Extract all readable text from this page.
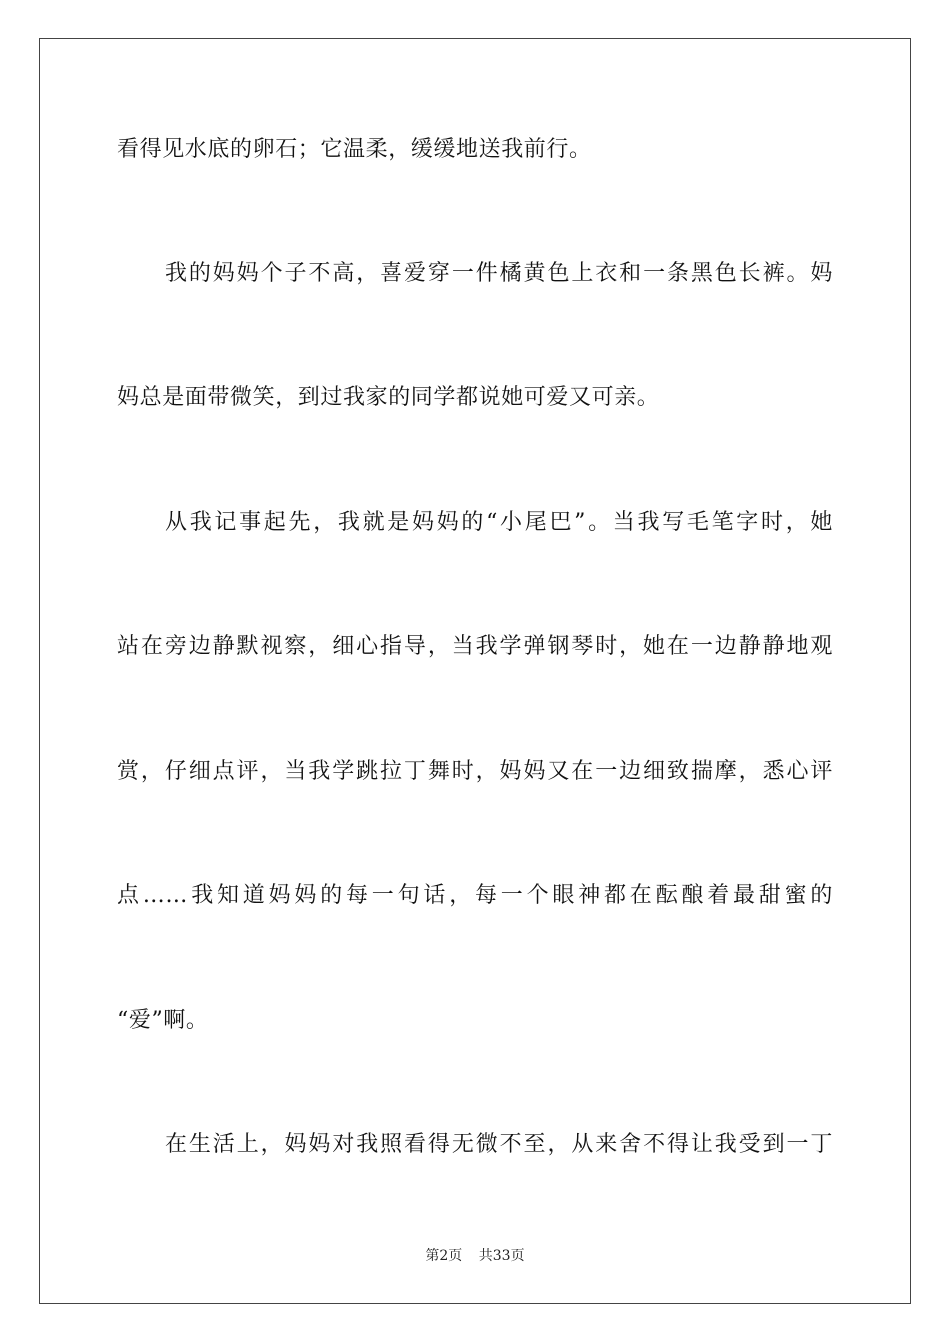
看得见水底的卵石；它温柔，缓缓地送我前行。
我的妈妈个子不高，喜爱穿一件橘黄色上衣和一条黑色长裤。妈
妈总是面带微笑，到过我家的同学都说她可爱又可亲。
从我记事起先，我就是妈妈的“小尾巴”。当我写毛笔字时，她
站在旁边静默视察，细心指导，当我学弹钢琴时，她在一边静静地观
赏，仔细点评，当我学跳拉丁舞时，妈妈又在一边细致揣摩，悉心评
点……我知道妈妈的每一句话，每一个眼神都在酝酿着最甜蜜的
“爱”啊。
在生活上，妈妈对我照看得无微不至，从来舍不得让我受到一丁
第2页 共33页
